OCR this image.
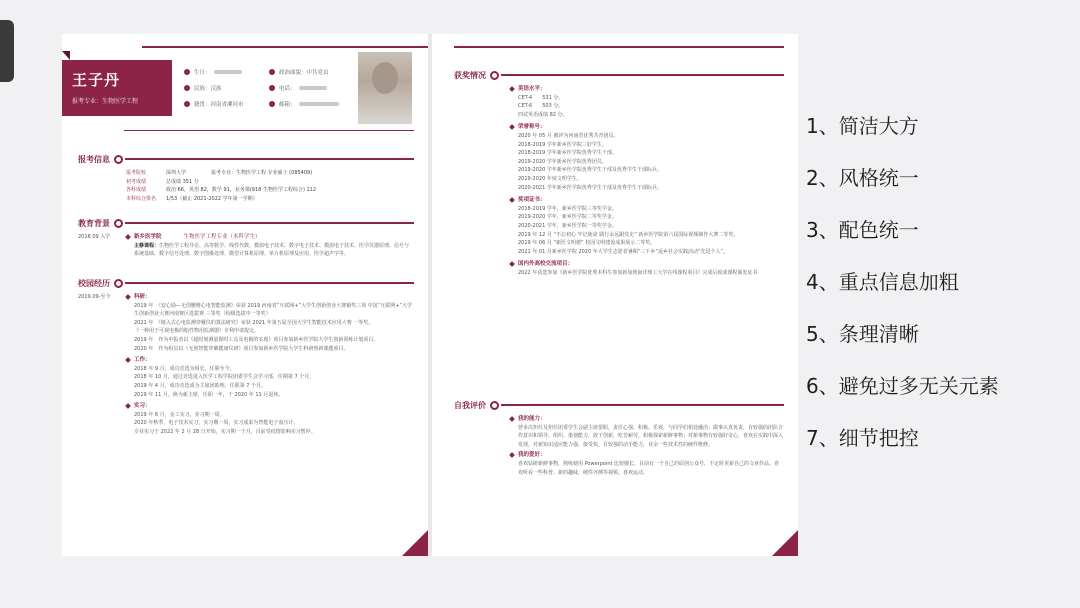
王子丹
报考专业：生物医学工程
生日：	政治面貌：中共党员
民族： 汉族	电话：
籍贯：河南省漯河市	邮箱：
报考信息
报考院校	深圳大学　　　　　报考专业：生物医学工程 专业硕士 (085409)
初考成绩	总成绩 351 分
各科成绩	政治 66，英语 82，数学 91，业务课(918 生物医学工程综合) 112
本科综合排名	1/53（截止 2021-2022 学年第一学期）
教育背景
2018.09 入学	新乡医学院　　　　	生物医学工程专业（本科学生）
主修课程：生物医学工程导论、高等数学、线性代数、模拟电子技术、数字电子技术、模拟电子技术、医学仪器原理、信号与系统基础、数字信号处理、数字图像处理、微型计算机原理、单片机原理及应用、医学超声学等。
校园经历
2019.09-至今	科研：
2019 年　《安心励—无创腰椎心电智能监测》荣获 2019 河南省“互联网+”大学生创新创业大赛铜奖三项 中国“互联网+”大学生创新创业大赛河南赛区选拔赛 三等奖（校级选拔中一等奖）
2021 年　《植入式心电监测穿戴仪的算法研究》荣获 2021 年第五届全国大学生智能技术应用大赛 一等奖。
《一种用于可视电极的脂性物用监测器》专利申请提交。
2019 年　作为申报者以《超时刻测量即时工具及电极的实现》项目参加新乡医学院大学生创新训练计划项目。
2020 年　作为组员以《无创智能穿戴健康仪研》项目参加新乡医学院大学生科研创新课题项目。
工作：
2018 年 9 月，成功竞选为组长，任职至今。
2018 年 10 月，通过竞选进入医学工程学院团委学生会学习部，任期第 7 个月。
2019 年 4 月，成功竞选成为主席团助理，任职第 7 个月。
2019 年 11 月，换为新主席，任职一年，于 2020 年 11 月退休。
实习：
2019 年 6 月，金工实习，实习期一周。
2020 年秋季，电子技术实习，实习期一周，实习成果为智能电子血压计。
专业实习于 2022 年 2 月 28 日开始，实习期一个月，目前受疫情影响实习暂停。
获奖情况
英语水平：
CET-4　　531 分。
CET-6　　503 分。
四试英语成绩 82 分。
荣誉称号：
2020 年 05 月 被评为河南省优秀共青团员。
2018-2019 学年新乡医学院三好学生。
2018-2019 学年新乡医学院优秀学生干部。
2019-2020 学年新乡医学院优秀团员。
2019-2020 学年新乡医学院优秀学生干部及优秀学生干部标兵。
2019-2020 年度文明学生。
2020-2021 学年新乡医学院优秀学生干部及优秀学生干部标兵。
奖项证书：
2018-2019 学年，新乡医学院三等奖学金。
2019-2020 学年，新乡医学院二等奖学金。
2020-2021 学年，新乡医学院一等奖学金。
2019 年 12 月 “不忘初心 牢记使命 践行永远跟党走” 新乡医学院第六届国际视频制作大赛二等奖。
2019 年 06 月 “新医文明德” 校园文明建设成果展示二等奖。
2021 年 01 月新乡医学院 2020 年大学生志愿者暑期“三下乡”返乡社会实践活动“先进个人”。
国内外高校交流项目：
2022 年获选参加《新乡医学院优秀本科生参加新加坡南洋理工大学在线课程项目》完成后收成课程颁发证书
自我评价
我的能力：
曾多次担任及担任团委学生会副主席要职，责任心强、积极、乐观，与同学们相处融洽；做事认真负责，有较强的团队合作意识和领导、组织、策划能力，敢于创新，吃苦耐劳，积极探索新鲜事物；对新事物有较强好奇心，喜欢在实践中深入发现，对新知识适应能力强，接受快，有较强的动手能力，业余一些技术性的硬件维修。
我的爱好：
喜欢钻研新鲜事物，熟练使用 Powerpoint 比较擅长，目前有一个自己的原创公众号，不定时更新自己的文章作品。喜欢听看一些科普、新的趣味，硬件评测等视频。喜欢运动。
1、简洁大方
2、风格统一
3、配色统一
4、重点信息加粗
5、条理清晰
6、避免过多无关元素
7、细节把控
